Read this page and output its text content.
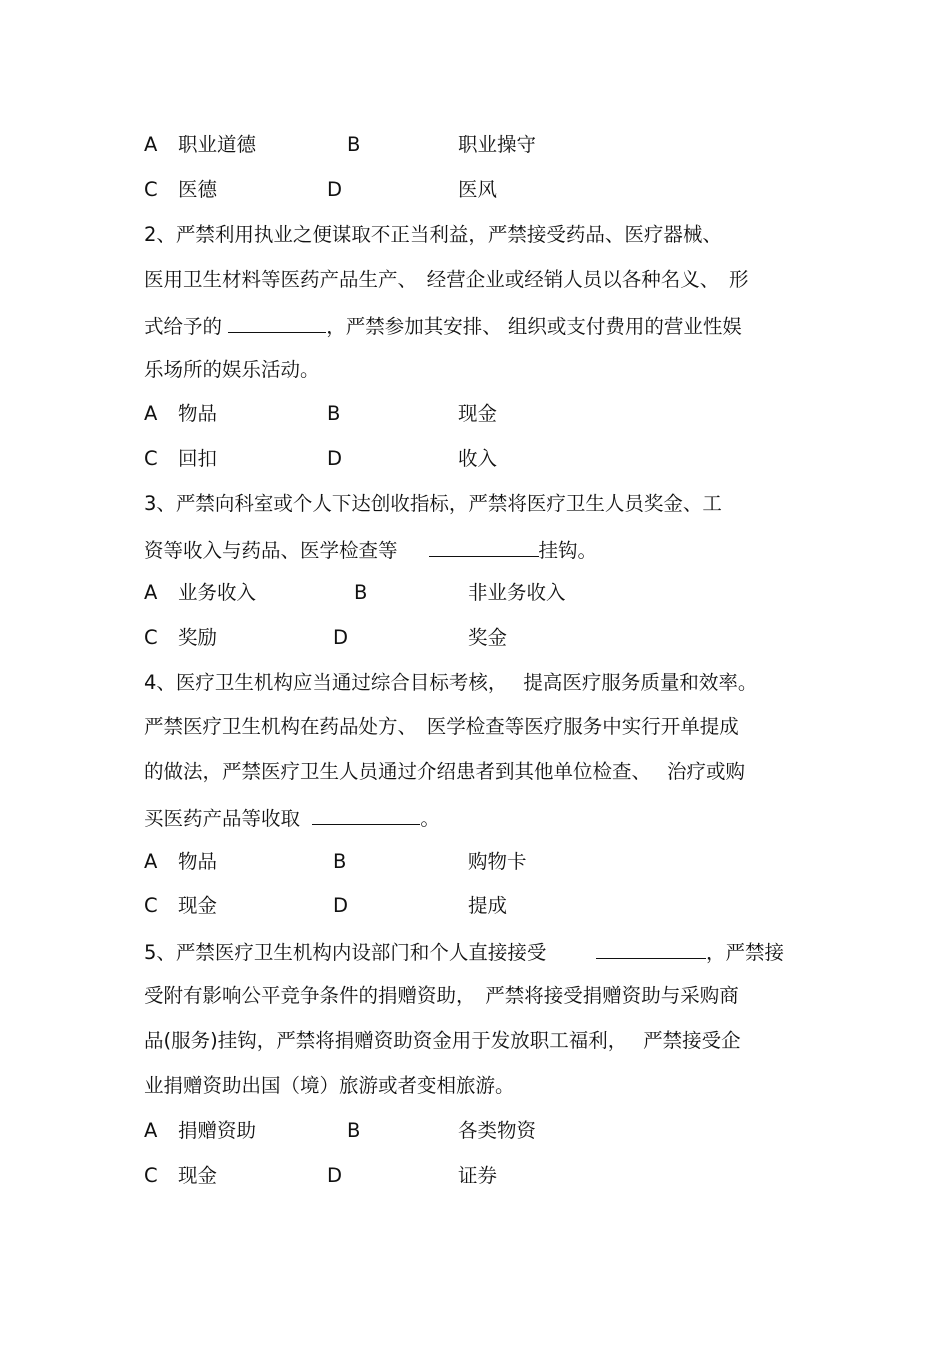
A 职业道德	B	职业操守

C 医德	D	医风

2、严禁利用执业之便谋取不正当利益，严禁接受药品、医疗器械、

医用卫生材料等医药产品生产、　经营企业或经销人员以各种名义、　形

式给予的	，严禁参加其安排、 组织或支付费用的营业性娱

乐场所的娱乐活动。

A 物品	B	现金

C 回扣	D	收入

3、严禁向科室或个人下达创收指标，严禁将医疗卫生人员奖金、工

资等收入与药品、医学检查等	挂钩。

A 业务收入	B	非业务收入

C 奖励	D	奖金

4、医疗卫生机构应当通过综合目标考核，　 提高医疗服务质量和效率。

严禁医疗卫生机构在药品处方、　医学检查等医疗服务中实行开单提成

的做法，严禁医疗卫生人员通过介绍患者到其他单位检查、　 治疗或购

买医药产品等收取	。

A 物品	B	购物卡

C 现金	D	提成

5、严禁医疗卫生机构内设部门和个人直接接受	，严禁接

受附有影响公平竞争条件的捐赠资助，　严禁将接受捐赠资助与采购商

品(服务)挂钩，严禁将捐赠资助资金用于发放职工福利，　 严禁接受企

业捐赠资助出国（境）旅游或者变相旅游。

A 捐赠资助	B	各类物资

C 现金	D	证券
